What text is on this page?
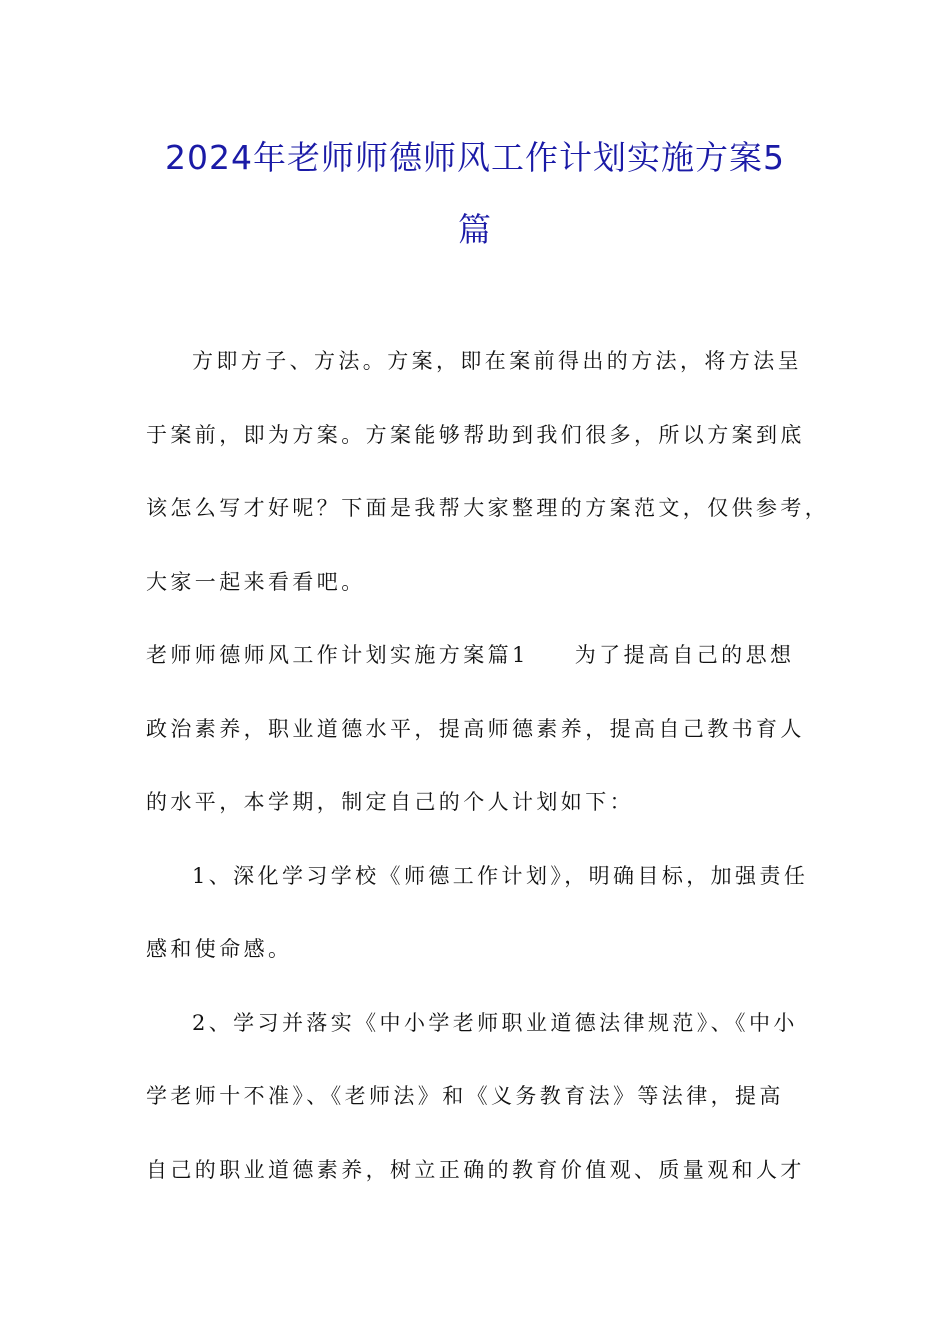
2024年老师师德师风工作计划实施方案5
篇
方即方子、方法。方案，即在案前得出的方法，将方法呈
于案前，即为方案。方案能够帮助到我们很多，所以方案到底
该怎么写才好呢？下面是我帮大家整理的方案范文，仅供参考，
大家一起来看看吧。
老师师德师风工作计划实施方案篇1 为了提高自己的思想
政治素养，职业道德水平，提高师德素养，提高自己教书育人
的水平，本学期，制定自己的个人计划如下：
1、深化学习学校《师德工作计划》，明确目标，加强责任
感和使命感。
2、学习并落实《中小学老师职业道德法律规范》、《中小
学老师十不准》、《老师法》和《义务教育法》等法律，提高
自己的职业道德素养，树立正确的教育价值观、质量观和人才
